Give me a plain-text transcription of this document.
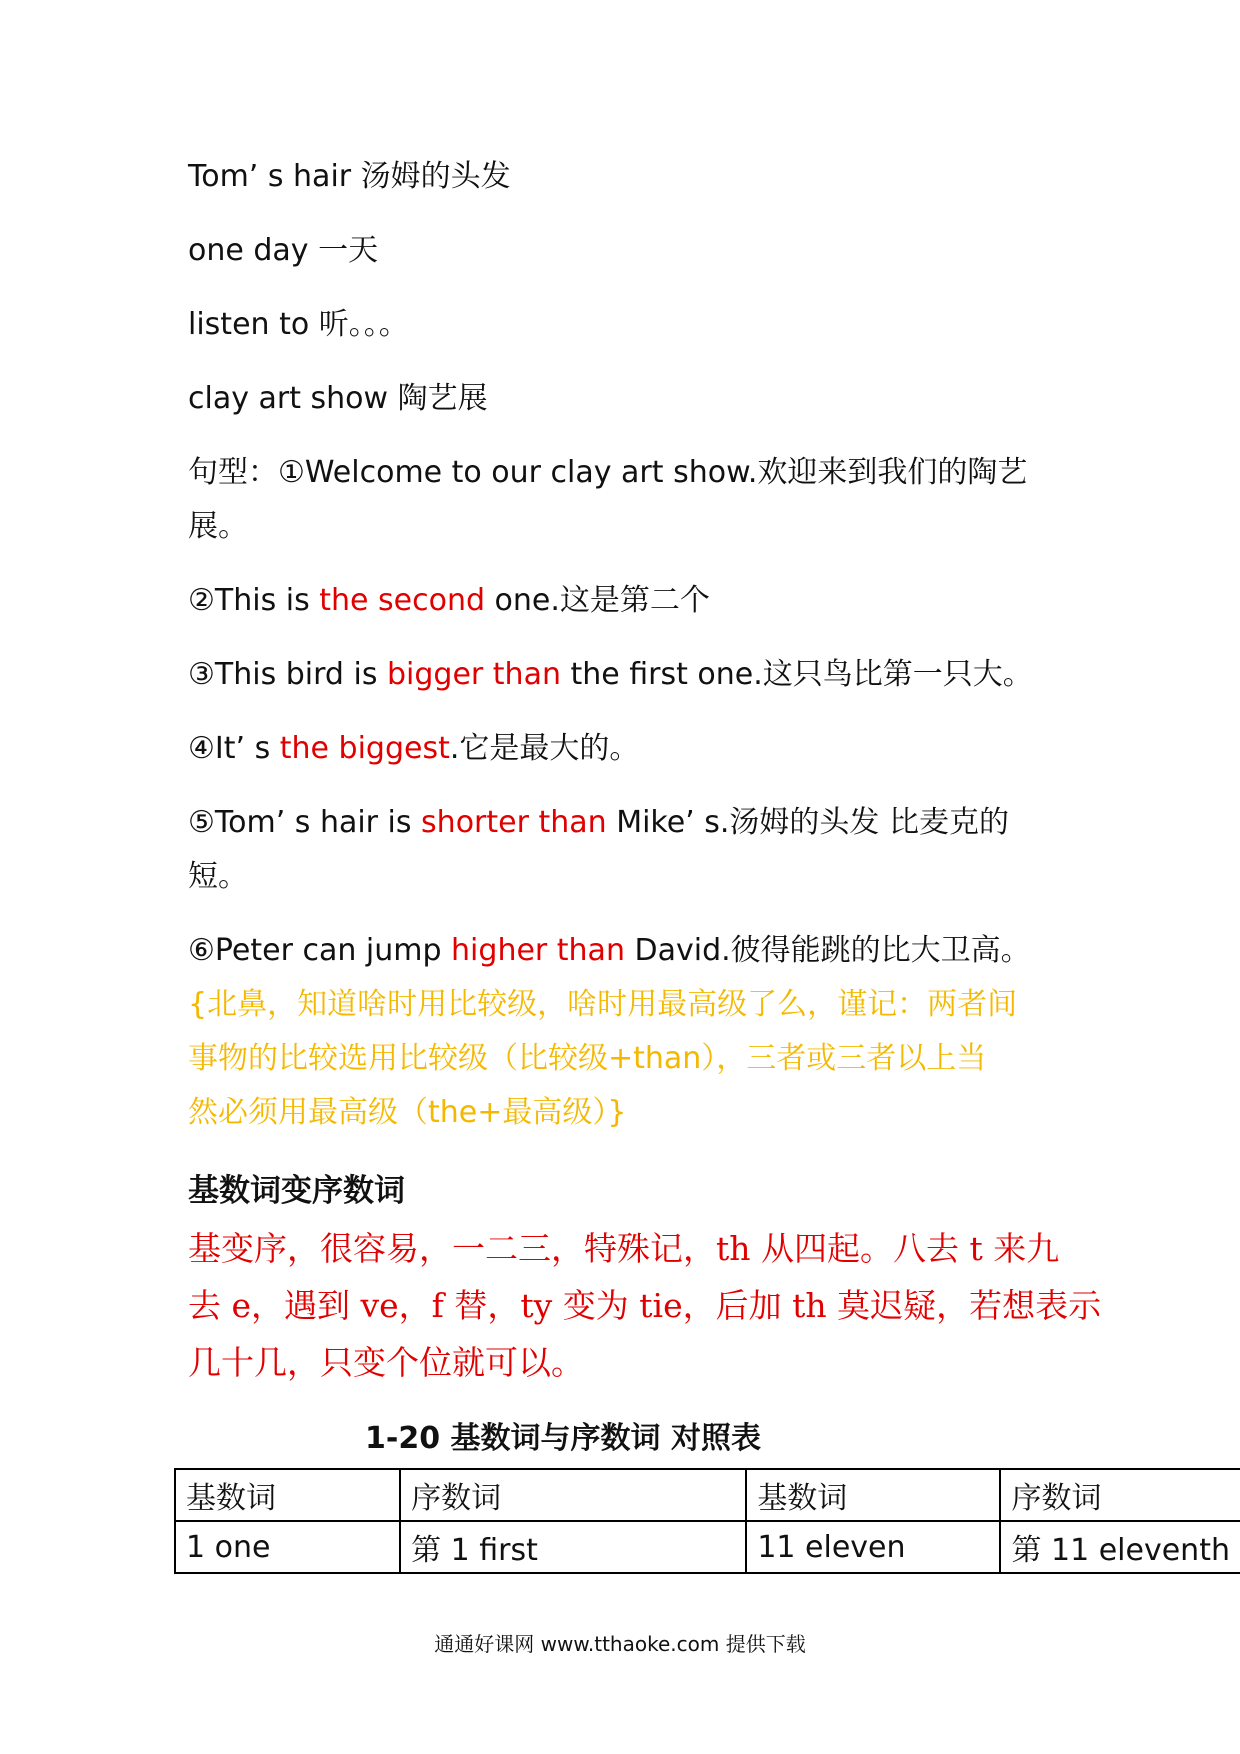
Tom’ s hair 汤姆的头发

one day 一天

listen to 听。。。

clay art show 陶艺展

句型：①Welcome to our clay art show.欢迎来到我们的陶艺

展。

②This is the second one.这是第二个

③This bird is bigger than the first one.这只鸟比第一只大。

④It’ s the biggest.它是最大的。

⑤Tom’ s hair is shorter than Mike’ s.汤姆的头发 比麦克的

短。

⑥Peter can jump higher than David.彼得能跳的比大卫高。

{北鼻，知道啥时用比较级，啥时用最高级了么，谨记：两者间

事物的比较选用比较级（比较级+than），三者或三者以上当

然必须用最高级（the+最高级）}

基数词变序数词

基变序，很容易，一二三，特殊记，th 从四起。八去 t 来九

去 e，遇到 ve，f 替，ty 变为 tie，后加 th 莫迟疑，若想表示

几十几，只变个位就可以。

1-20 基数词与序数词 对照表

基数词	序数词	基数词	序数词
1 one	第 1 first	11 eleven	第 11 eleventh
通通好课网 www.tthaoke.com 提供下载
